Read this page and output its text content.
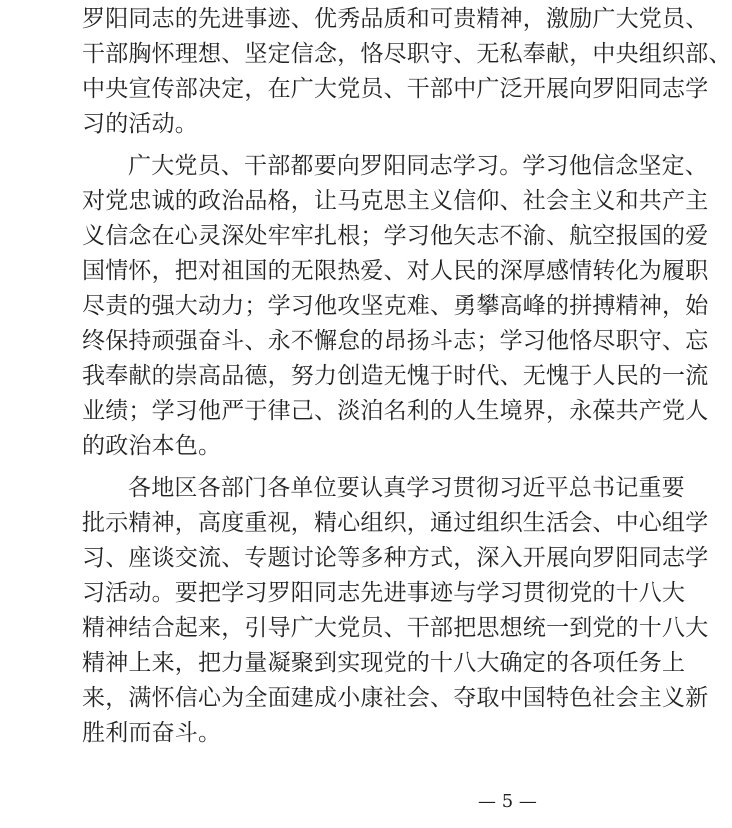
罗阳同志的先进事迹、优秀品质和可贵精神，激励广大党员、
干部胸怀理想、坚定信念，恪尽职守、无私奉献，中央组织部、
中央宣传部决定，在广大党员、干部中广泛开展向罗阳同志学
习的活动。
广大党员、干部都要向罗阳同志学习。学习他信念坚定、
对党忠诚的政治品格，让马克思主义信仰、社会主义和共产主
义信念在心灵深处牢牢扎根；学习他矢志不渝、航空报国的爱
国情怀，把对祖国的无限热爱、对人民的深厚感情转化为履职
尽责的强大动力；学习他攻坚克难、勇攀高峰的拼搏精神，始
终保持顽强奋斗、永不懈怠的昂扬斗志；学习他恪尽职守、忘
我奉献的崇高品德，努力创造无愧于时代、无愧于人民的一流
业绩；学习他严于律己、淡泊名利的人生境界，永葆共产党人
的政治本色。
各地区各部门各单位要认真学习贯彻习近平总书记重要
批示精神，高度重视，精心组织，通过组织生活会、中心组学
习、座谈交流、专题讨论等多种方式，深入开展向罗阳同志学
习活动。要把学习罗阳同志先进事迹与学习贯彻党的十八大
精神结合起来，引导广大党员、干部把思想统一到党的十八大
精神上来，把力量凝聚到实现党的十八大确定的各项任务上
来，满怀信心为全面建成小康社会、夺取中国特色社会主义新
胜利而奋斗。
— 5 —
